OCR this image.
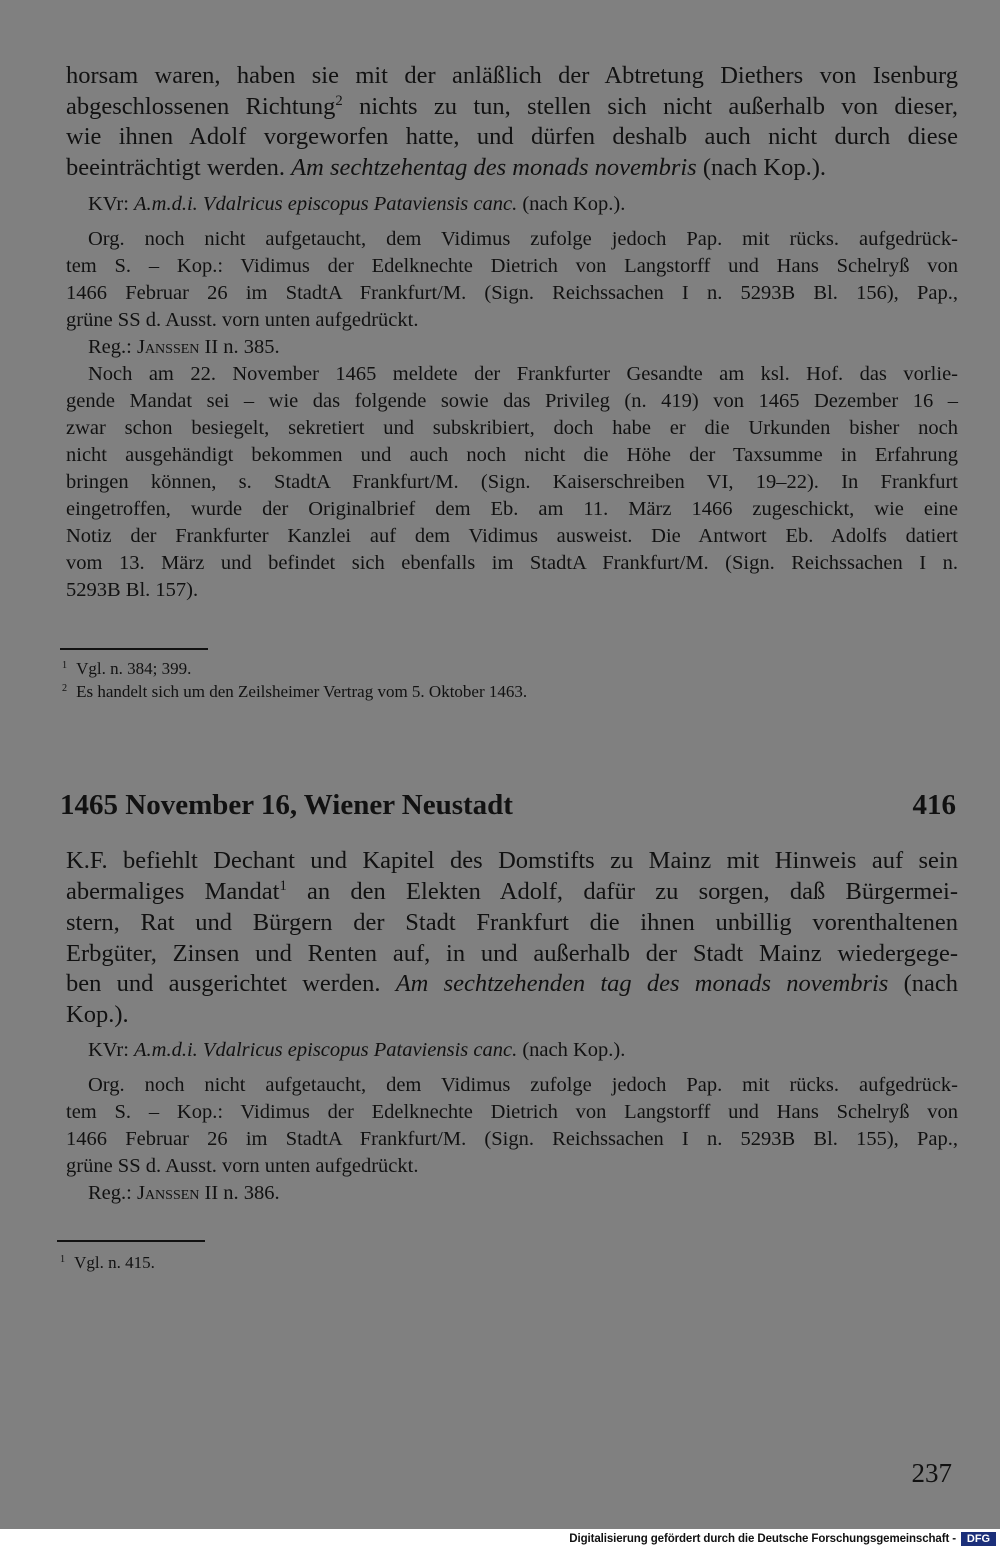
horsam waren, haben sie mit der anläßlich der Abtretung Diethers von Isenburg
abgeschlossenen Richtung$^2$ nichts zu tun, stellen sich nicht außerhalb von dieser,
wie ihnen Adolf vorgeworfen hatte, und dürfen deshalb auch nicht durch diese
beeinträchtigt werden. Am sechtzehentag des monads novembris (nach Kop.).
KVr: A.m.d.i. Vdalricus episcopus Pataviensis canc. (nach Kop.).
Org. noch nicht aufgetaucht, dem Vidimus zufolge jedoch Pap. mit rücks. aufgedrück-
tem S. – Kop.: Vidimus der Edelknechte Dietrich von Langstorff und Hans Schelryß von
1466 Februar 26 im StadtA Frankfurt/M. (Sign. Reichssachen I n. 5293B Bl. 156), Pap.,
grüne SS d. Ausst. vorn unten aufgedrückt.
Reg.: Janssen II n. 385.
Noch am 22. November 1465 meldete der Frankfurter Gesandte am ksl. Hof. das vorlie-
gende Mandat sei – wie das folgende sowie das Privileg (n. 419) von 1465 Dezember 16 –
zwar schon besiegelt, sekretiert und subskribiert, doch habe er die Urkunden bisher noch
nicht ausgehändigt bekommen und auch noch nicht die Höhe der Taxsumme in Erfahrung
bringen können, s. StadtA Frankfurt/M. (Sign. Kaiserschreiben VI, 19–22). In Frankfurt
eingetroffen, wurde der Originalbrief dem Eb. am 11. März 1466 zugeschickt, wie eine
Notiz der Frankfurter Kanzlei auf dem Vidimus ausweist. Die Antwort Eb. Adolfs datiert
vom 13. März und befindet sich ebenfalls im StadtA Frankfurt/M. (Sign. Reichssachen I n.
5293B Bl. 157).
$^1$ Vgl. n. 384; 399.
$^2$ Es handelt sich um den Zeilsheimer Vertrag vom 5. Oktober 1463.
1465 November 16, Wiener Neustadt	416
K.F. befiehlt Dechant und Kapitel des Domstifts zu Mainz mit Hinweis auf sein
abermaliges Mandat$^1$ an den Elekten Adolf, dafür zu sorgen, daß Bürgermei-
stern, Rat und Bürgern der Stadt Frankfurt die ihnen unbillig vorenthaltenen
Erbgüter, Zinsen und Renten auf, in und außerhalb der Stadt Mainz wiedergege-
ben und ausgerichtet werden. Am sechtzehenden tag des monads novembris (nach
Kop.).
KVr: A.m.d.i. Vdalricus episcopus Pataviensis canc. (nach Kop.).
Org. noch nicht aufgetaucht, dem Vidimus zufolge jedoch Pap. mit rücks. aufgedrück-
tem S. – Kop.: Vidimus der Edelknechte Dietrich von Langstorff und Hans Schelryß von
1466 Februar 26 im StadtA Frankfurt/M. (Sign. Reichssachen I n. 5293B Bl. 155), Pap.,
grüne SS d. Ausst. vorn unten aufgedrückt.
Reg.: Janssen II n. 386.
$^1$ Vgl. n. 415.
237
Digitalisierung gefördert durch die Deutsche Forschungsgemeinschaft - DFG
